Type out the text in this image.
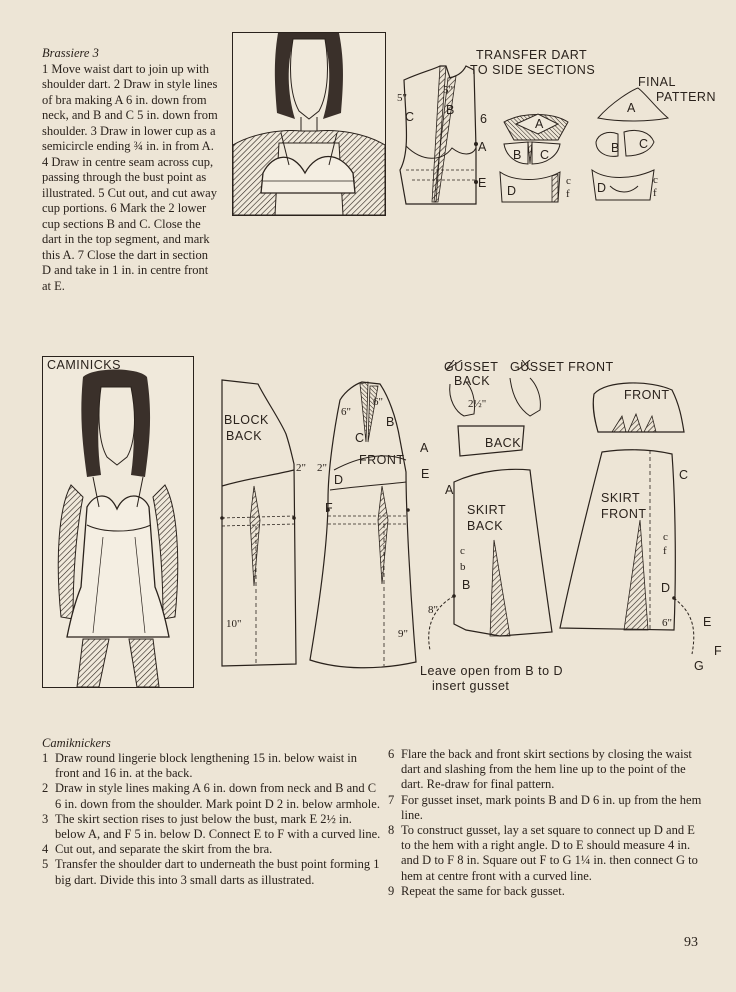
Brassiere 3
1 Move waist dart to join up with shoulder dart. 2 Draw in style lines of bra making A 6 in. down from neck, and B and C 5 in. down from shoulder. 3 Draw in lower cup as a semicircle ending ¾ in. in from A. 4 Draw in centre seam across cup, passing through the bust point as illustrated. 5 Cut out, and cut away cup portions. 6 Mark the 2 lower cup sections B and C. Close the dart in the top segment, and mark this A. 7 Close the dart in section D and take in 1 in. in centre front at E.

TRANSFER DART
TO SIDE SECTIONS
FINAL
PATTERN
5"
5"
C	B
6
A
E
A
B C
D
c
f
A
B C
D
c
f
CAMINICKS
BLOCK
BACK
FRONT
2" 2"
10"
9"
6"
6"
C
B
A
D	E
F
GUSSET
BACK
GUSSET FRONT
2½"
BACK
FRONT
SKIRT
BACK
SKIRT
FRONT
A
c
b
B
8"
C
c
f
D
6" E
F
G
Leave open from B to D
insert gusset
Camiknickers
1 Draw round lingerie block lengthening 15 in. below waist in front and 16 in. at the back.
2 Draw in style lines making A 6 in. down from neck and B and C 6 in. down from the shoulder. Mark point D 2 in. below armhole.
3 The skirt section rises to just below the bust, mark E 2½ in. below A, and F 5 in. below D. Connect E to F with a curved line.
4 Cut out, and separate the skirt from the bra.
5 Transfer the shoulder dart to underneath the bust point forming 1 big dart. Divide this into 3 small darts as illustrated.
6 Flare the back and front skirt sections by closing the waist dart and slashing from the hem line up to the point of the dart. Re-draw for final pattern.
7 For gusset inset, mark points B and D 6 in. up from the hem line.
8 To construct gusset, lay a set square to connect up D and E to the hem with a right angle. D to E should measure 4 in. and D to F 8 in. Square out F to G 1¼ in. then connect G to hem at centre front with a curved line.
9 Repeat the same for back gusset.
93
